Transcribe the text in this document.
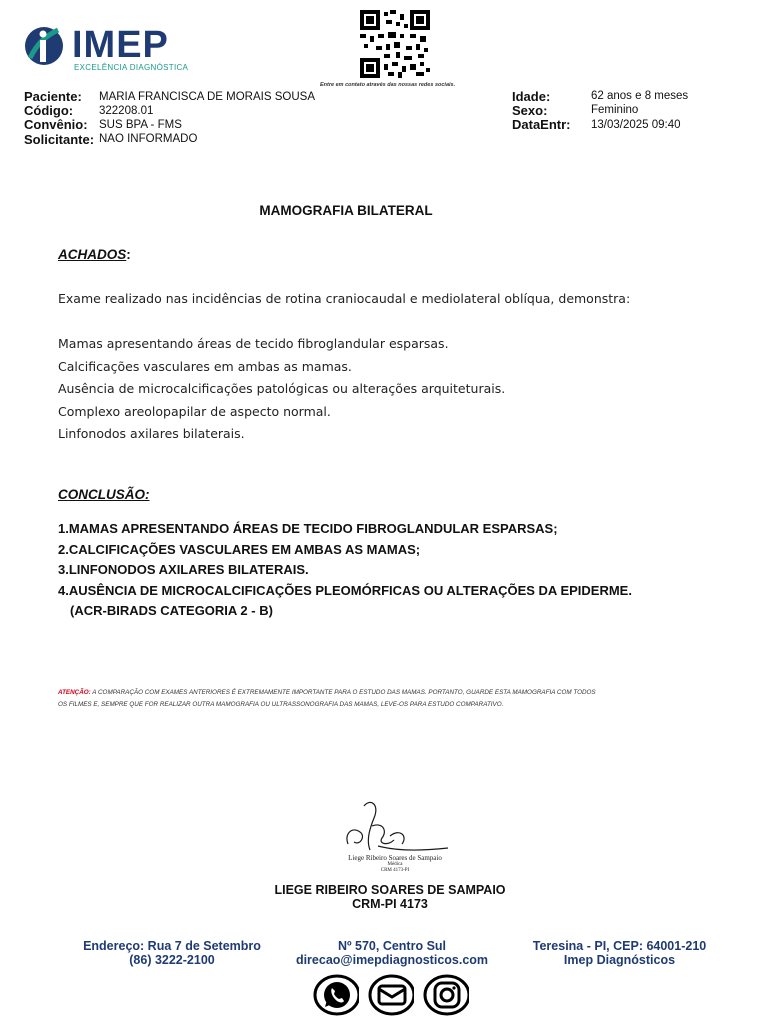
IMEP
EXCELÊNCIA DIAGNÓSTICA
Entre em contato através das nossas redes sociais.
Paciente: MARIA FRANCISCA DE MORAIS SOUSA
Código: 322208.01
Convênio: SUS BPA - FMS
Solicitante: NAO INFORMADO
Idade:	62 anos e 8 meses
Sexo:	Feminino
DataEntr: 13/03/2025 09:40
MAMOGRAFIA BILATERAL
ACHADOS:
Exame realizado nas incidências de rotina craniocaudal e mediolateral oblíqua, demonstra:
Mamas apresentando áreas de tecido fibroglandular esparsas.
Calcificações vasculares em ambas as mamas.
Ausência de microcalcificações patológicas ou alterações arquiteturais.
Complexo areolopapilar de aspecto normal.
Linfonodos axilares bilaterais.
CONCLUSÃO:
1.MAMAS APRESENTANDO ÁREAS DE TECIDO FIBROGLANDULAR ESPARSAS;
2.CALCIFICAÇÕES VASCULARES EM AMBAS AS MAMAS;
3.LINFONODOS AXILARES BILATERAIS.
4.AUSÊNCIA DE MICROCALCIFICAÇÕES PLEOMÓRFICAS OU ALTERAÇÕES DA EPIDERME.
(ACR-BIRADS CATEGORIA 2 - B)
ATENÇÃO: A COMPARAÇÃO COM EXAMES ANTERIORES É EXTREMAMENTE IMPORTANTE PARA O ESTUDO DAS MAMAS. PORTANTO, GUARDE ESTA MAMOGRAFIA COM TODOS
OS FILMES E, SEMPRE QUE FOR REALIZAR OUTRA MAMOGRAFIA OU ULTRASSONOGRAFIA DAS MAMAS, LEVE-OS PARA ESTUDO COMPARATIVO.
Liege Ribeiro Soares de Sampaio
Médica
CRM 4173-PI
LIEGE RIBEIRO SOARES DE SAMPAIO
CRM-PI 4173
Endereço: Rua 7 de Setembro
(86) 3222-2100
Nº 570, Centro Sul
direcao@imepdiagnosticos.com
Teresina - PI, CEP: 64001-210
Imep Diagnósticos
